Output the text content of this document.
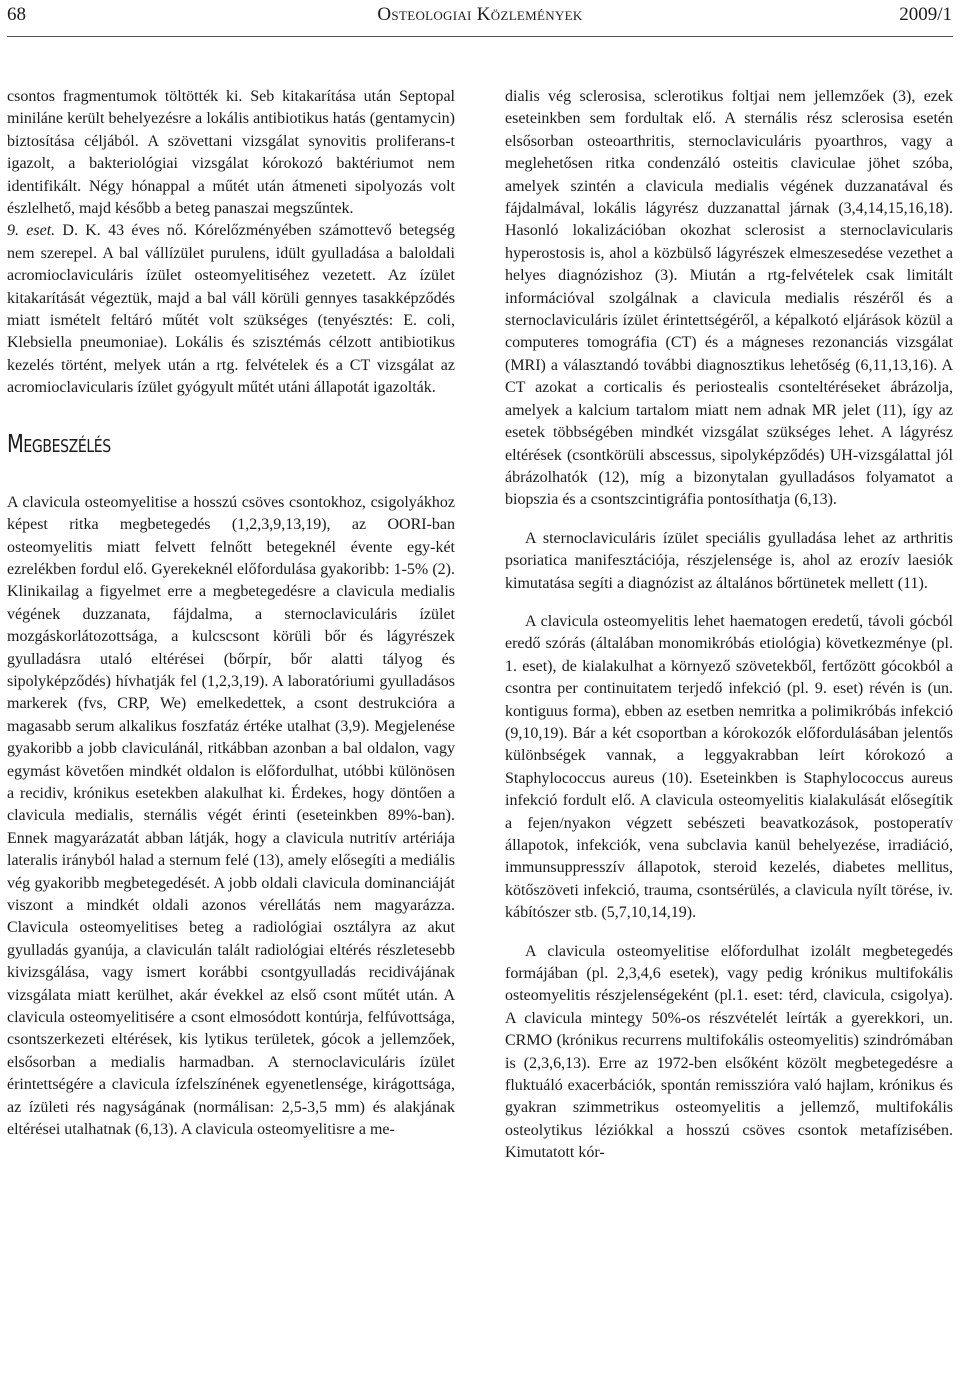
68	Osteologiai Közlemények	2009/1

csontos fragmentumok töltötték ki. Seb kitakarítása után Septopal miniláne került behelyezésre a lokális antibiotikus hatás (gentamycin) biztosítása céljából. A szövettani vizsgálat synovitis proliferans-t igazolt, a bakteriológiai vizsgálat kórokozó baktériumot nem identifikált. Négy hónappal a műtét után átmeneti sipolyozás volt észlelhető, majd később a beteg panaszai megszűntek.

9. eset. D. K. 43 éves nő. Kórelőzményében számottevő betegség nem szerepel. A bal vállízület purulens, idült gyulladása a baloldali acromioclaviculáris ízület osteomyelitiséhez vezetett. Az ízület kitakarítását végeztük, majd a bal váll körüli gennyes tasakképződés miatt ismételt feltáró műtét volt szükséges (tenyésztés: E. coli, Klebsiella pneumoniae). Lokális és szisztémás célzott antibiotikus kezelés történt, melyek után a rtg. felvételek és a CT vizsgálat az acromioclavicularis ízület gyógyult műtét utáni állapotát igazolták.

Megbeszélés

A clavicula osteomyelitise a hosszú csöves csontokhoz, csigolyákhoz képest ritka megbetegedés (1,2,3,9,13,19), az OORI-ban osteomyelitis miatt felvett felnőtt betegeknél évente egy-két ezrelékben fordul elő. Gyerekeknél előfordulása gyakoribb: 1-5% (2). Klinikailag a figyelmet erre a megbetegedésre a clavicula medialis végének duzzanata, fájdalma, a sternoclaviculáris ízület mozgáskorlátozottsága, a kulcscsont körüli bőr és lágyrészek gyulladásra utaló eltérései (bőrpír, bőr alatti tályog és sipolyképződés) hívhatják fel (1,2,3,19). A laboratóriumi gyulladásos markerek (fvs, CRP, We) emelkedettek, a csont destrukcióra a magasabb serum alkalikus foszfatáz értéke utalhat (3,9). Megjelenése gyakoribb a jobb claviculánál, ritkábban azonban a bal oldalon, vagy egymást követően mindkét oldalon is előfordulhat, utóbbi különösen a recidiv, krónikus esetekben alakulhat ki. Érdekes, hogy döntően a clavicula medialis, sternális végét érinti (eseteinkben 89%-ban). Ennek magyarázatát abban látják, hogy a clavicula nutritív artériája lateralis irányból halad a sternum felé (13), amely elősegíti a mediális vég gyakoribb megbetegedését. A jobb oldali clavicula dominanciáját viszont a mindkét oldali azonos vérellátás nem magyarázza. Clavicula osteomyelitises beteg a radiológiai osztályra az akut gyulladás gyanúja, a claviculán talált radiológiai eltérés részletesebb kivizsgálása, vagy ismert korábbi csontgyulladás recidivájának vizsgálata miatt kerülhet, akár évekkel az első csont műtét után. A clavicula osteomyelitisére a csont elmosódott kontúrja, felfúvottsága, csontszerkezeti eltérések, kis lytikus területek, gócok a jellemzőek, elsősorban a medialis harmadban. A sternoclaviculáris ízület érintettségére a clavicula ízfelszínének egyenetlensége, kirágottsága, az ízületi rés nagyságának (normálisan: 2,5-3,5 mm) és alakjának eltérései utalhatnak (6,13). A clavicula osteomyelitisre a me-

dialis vég sclerosisa, sclerotikus foltjai nem jellemzőek (3), ezek eseteinkben sem fordultak elő. A sternális rész sclerosisa esetén elsősorban osteoarthritis, sternoclaviculáris pyoarthros, vagy a meglehetősen ritka condenzáló osteitis claviculae jöhet szóba, amelyek szintén a clavicula medialis végének duzzanatával és fájdalmával, lokális lágyrész duzzanattal járnak (3,4,14,15,16,18). Hasonló lokalizációban okozhat sclerosist a sternoclavicularis hyperostosis is, ahol a közbülső lágyrészek elmeszesedése vezethet a helyes diagnózishoz (3). Miután a rtg-felvételek csak limitált információval szolgálnak a clavicula medialis részéről és a sternoclaviculáris ízület érintettségéről, a képalkotó eljárások közül a computeres tomográfia (CT) és a mágneses rezonanciás vizsgálat (MRI) a választandó további diagnosztikus lehetőség (6,11,13,16). A CT azokat a corticalis és periostealis csonteltéréseket ábrázolja, amelyek a kalcium tartalom miatt nem adnak MR jelet (11), így az esetek többségében mindkét vizsgálat szükséges lehet. A lágyrész eltérések (csontkörüli abscessus, sipolyképződés) UH-vizsgálattal jól ábrázolhatók (12), míg a bizonytalan gyulladásos folyamatot a biopszia és a csontszcintigráfia pontosíthatja (6,13).

A sternoclaviculáris ízület speciális gyulladása lehet az arthritis psoriatica manifesztációja, részjelensége is, ahol az erozív laesiók kimutatása segíti a diagnózist az általános bőrtünetek mellett (11).

A clavicula osteomyelitis lehet haematogen eredetű, távoli gócból eredő szórás (általában monomikróbás etiológia) következménye (pl. 1. eset), de kialakulhat a környező szövetekből, fertőzött gócokból a csontra per continuitatem terjedő infekció (pl. 9. eset) révén is (un. kontiguus forma), ebben az esetben nemritka a polimikróbás infekció (9,10,19). Bár a két csoportban a kórokozók előfordulásában jelentős különbségek vannak, a leggyakrabban leírt kórokozó a Staphylococcus aureus (10). Eseteinkben is Staphylococcus aureus infekció fordult elő. A clavicula osteomyelitis kialakulását elősegítik a fejen/nyakon végzett sebészeti beavatkozások, postoperatív állapotok, infekciók, vena subclavia kanül behelyezése, irradiáció, immunsuppresszív állapotok, steroid kezelés, diabetes mellitus, kötőszöveti infekció, trauma, csontsérülés, a clavicula nyílt törése, iv. kábítószer stb. (5,7,10,14,19).

A clavicula osteomyelitise előfordulhat izolált megbetegedés formájában (pl. 2,3,4,6 esetek), vagy pedig krónikus multifokális osteomyelitis részjelenségeként (pl.1. eset: térd, clavicula, csigolya). A clavicula mintegy 50%-os részvételét leírták a gyerekkori, un. CRMO (krónikus recurrens multifokális osteomyelitis) szindrómában is (2,3,6,13). Erre az 1972-ben elsőként közölt megbetegedésre a fluktuáló exacerbációk, spontán remisszióra való hajlam, krónikus és gyakran szimmetrikus osteomyelitis a jellemző, multifokális osteolytikus léziókkal a hosszú csöves csontok metafízisében. Kimutatott kór-
